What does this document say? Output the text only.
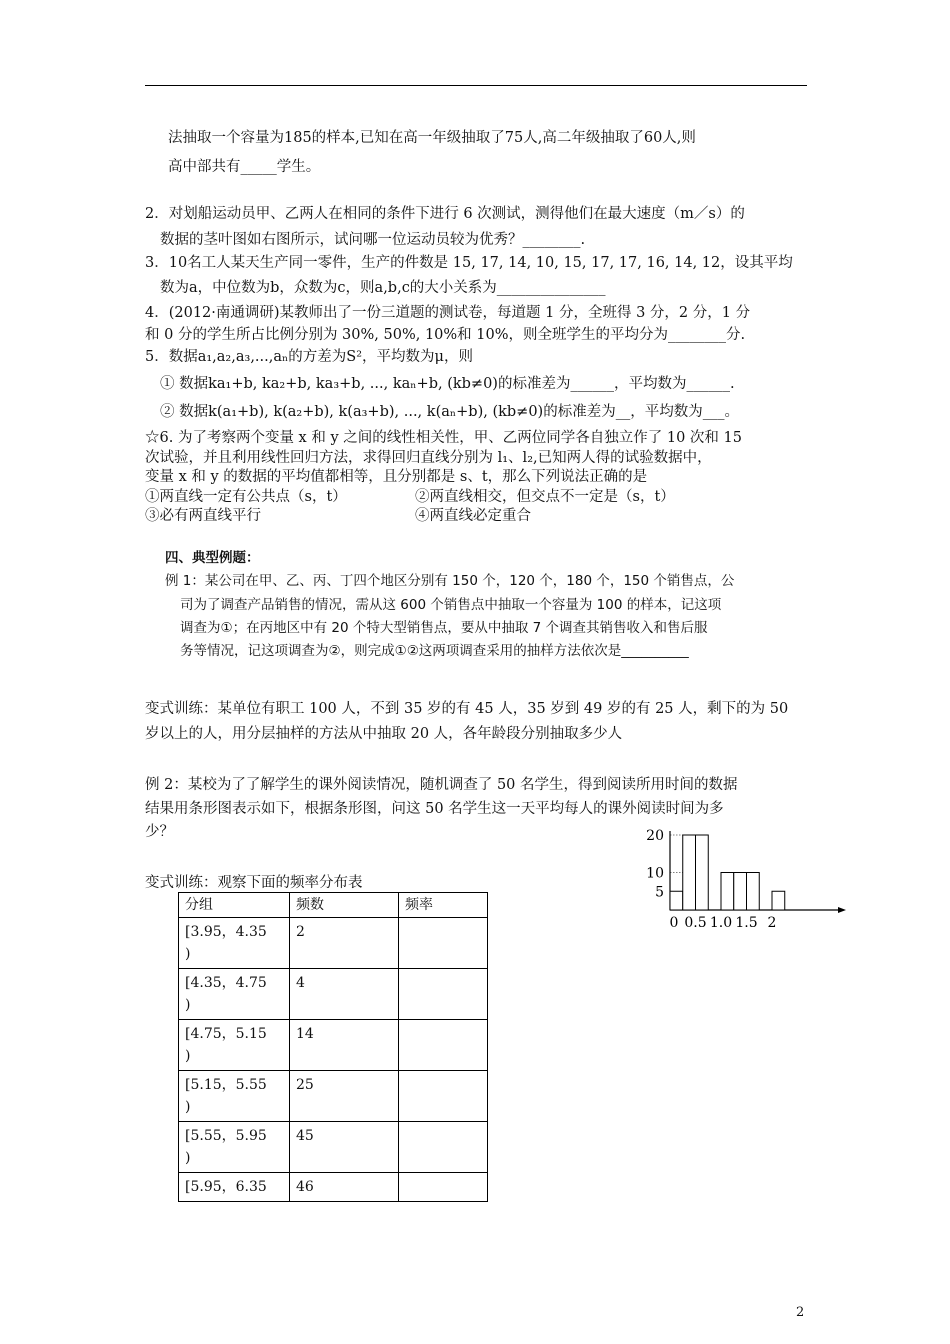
法抽取一个容量为185的样本,已知在高一年级抽取了75人,高二年级抽取了60人,则
高中部共有_____学生。
2．对划船运动员甲、乙两人在相同的条件下进行 6 次测试，测得他们在最大速度（m／s）的
数据的茎叶图如右图所示，试问哪一位运动员较为优秀？________.
3．10名工人某天生产同一零件，生产的件数是 15, 17, 14, 10, 15, 17, 17, 16, 14, 12，设其平均
数为a，中位数为b，众数为c，则a,b,c的大小关系为_______________
4．(2012·南通调研)某教师出了一份三道题的测试卷，每道题 1 分，全班得 3 分，2 分，1 分
和 0 分的学生所占比例分别为 30%, 50%, 10%和 10%，则全班学生的平均分为________分.
5．数据a₁,a₂,a₃,...,aₙ的方差为S²，平均数为μ，则
① 数据ka₁+b, ka₂+b, ka₃+b, ..., kaₙ+b, (kb≠0)的标准差为______，平均数为______.
② 数据k(a₁+b), k(a₂+b), k(a₃+b), ..., k(aₙ+b), (kb≠0)的标准差为__，平均数为___。
☆6. 为了考察两个变量 x 和 y 之间的线性相关性，甲、乙两位同学各自独立作了 10 次和 15
次试验，并且利用线性回归方法，求得回归直线分别为 l₁、l₂,已知两人得的试验数据中，
变量 x 和 y 的数据的平均值都相等，且分别都是 s、t，那么下列说法正确的是
①两直线一定有公共点（s，t）	②两直线相交，但交点不一定是（s，t）
③必有两直线平行	④两直线必定重合
四、典型例题：
例 1：某公司在甲、乙、丙、丁四个地区分别有 150 个，120 个，180 个，150 个销售点，公
司为了调查产品销售的情况，需从这 600 个销售点中抽取一个容量为 100 的样本，记这项
调查为①；在丙地区中有 20 个特大型销售点，要从中抽取 7 个调查其销售收入和售后服
务等情况，记这项调查为②，则完成①②这两项调查采用的抽样方法依次是__________
变式训练：某单位有职工 100 人，不到 35 岁的有 45 人，35 岁到 49 岁的有 25 人，剩下的为 50
岁以上的人，用分层抽样的方法从中抽取 20 人，各年龄段分别抽取多少人
例 2：某校为了了解学生的课外阅读情况，随机调查了 50 名学生，得到阅读所用时间的数据
结果用条形图表示如下，根据条形图，问这 50 名学生这一天平均每人的课外阅读时间为多
少？
变式训练：观察下面的频率分布表
分组	频数	频率
[3.95，4.35
)	2	
[4.35，4.75
)	4	
[4.75，5.15
)	14	
[5.15，5.55
)	25	
[5.55，5.95
)	45	
[5.95，6.35	46	
5
10
20
0 0.5 1.0 1.5 2
2
